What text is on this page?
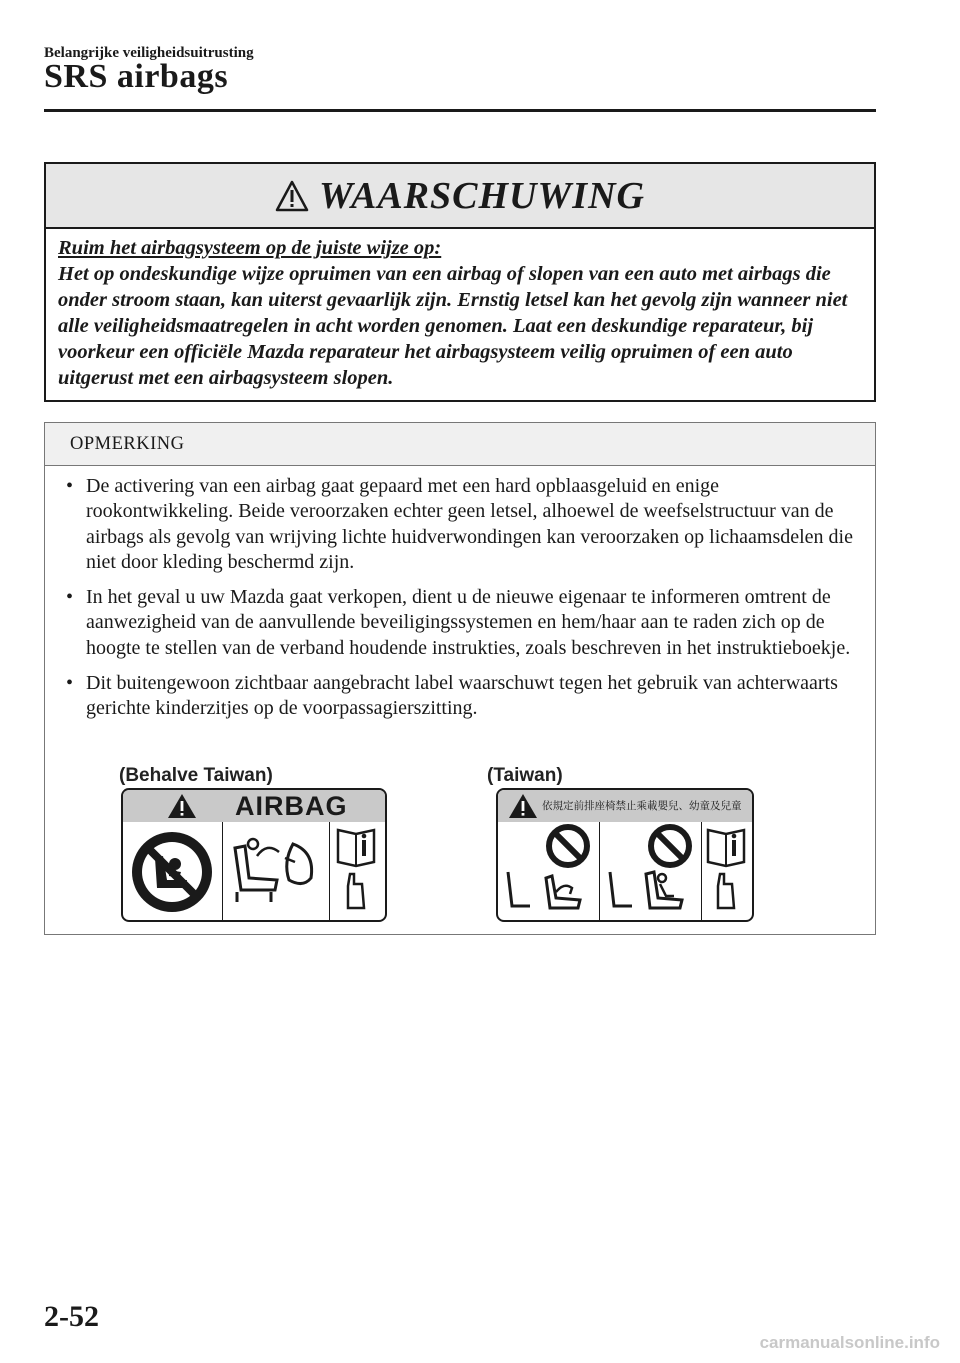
Belangrijke veiligheidsuitrusting
SRS airbags
WAARSCHUWING
Ruim het airbagsysteem op de juiste wijze op:
Het op ondeskundige wijze opruimen van een airbag of slopen van een auto met airbags die onder stroom staan, kan uiterst gevaarlijk zijn. Ernstig letsel kan het gevolg zijn wanneer niet alle veiligheidsmaatregelen in acht worden genomen. Laat een deskundige reparateur, bij voorkeur een officiële Mazda reparateur het airbagsysteem veilig opruimen of een auto uitgerust met een airbagsysteem slopen.
OPMERKING
• De activering van een airbag gaat gepaard met een hard opblaasgeluid en enige rookontwikkeling. Beide veroorzaken echter geen letsel, alhoewel de weefselstructuur van de airbags als gevolg van wrijving lichte huidverwondingen kan veroorzaken op lichaamsdelen die niet door kleding beschermd zijn.
• In het geval u uw Mazda gaat verkopen, dient u de nieuwe eigenaar te informeren omtrent de aanwezigheid van de aanvullende beveiligingssystemen en hem/haar aan te raden zich op de hoogte te stellen van de verband houdende instrukties, zoals beschreven in het instruktieboekje.
• Dit buitengewoon zichtbaar aangebracht label waarschuwt tegen het gebruik van achterwaarts gerichte kinderzitjes op de voorpassagierszitting.
(Behalve Taiwan)
AIRBAG
(Taiwan)
依規定前排座椅禁止乘載嬰兒、幼童及兒童
2-52
carmanualsonline.info
